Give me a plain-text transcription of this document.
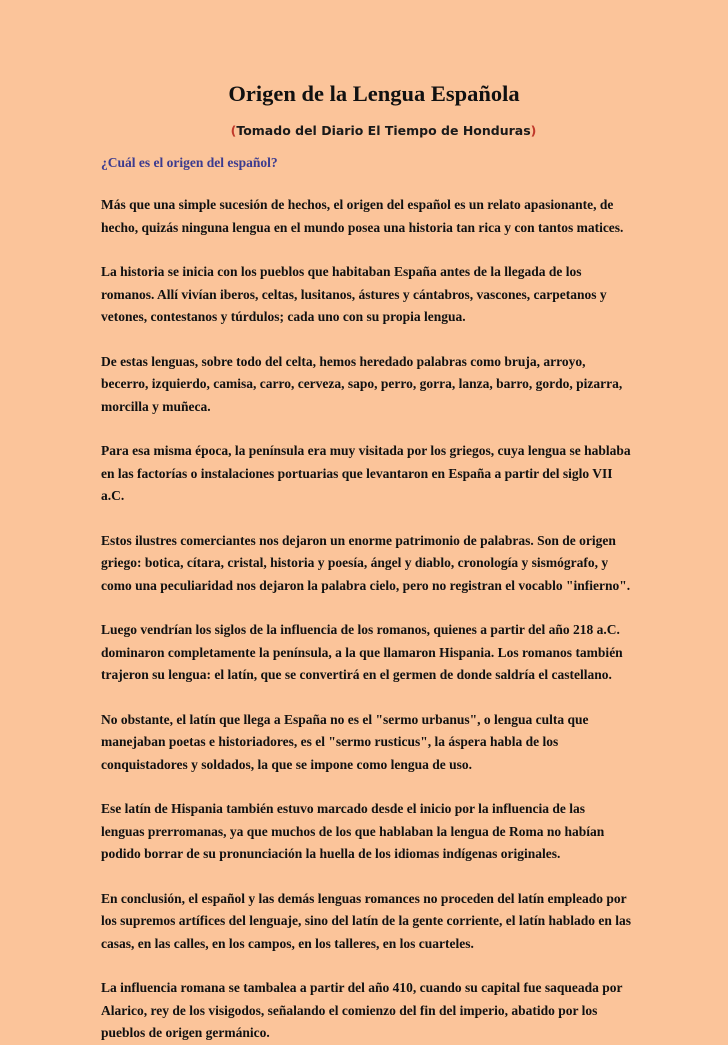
Origen de la Lengua Española

(Tomado del Diario El Tiempo de Honduras)

¿Cuál es el origen del español?

Más que una simple sucesión de hechos, el origen del español es un relato apasionante, de hecho, quizás ninguna lengua en el mundo posea una historia tan rica y con tantos matices.

La historia se inicia con los pueblos que habitaban España antes de la llegada de los romanos. Allí vivían iberos, celtas, lusitanos, ástures y cántabros, vascones, carpetanos y vetones, contestanos y túrdulos; cada uno con su propia lengua.

De estas lenguas, sobre todo del celta, hemos heredado palabras como bruja, arroyo, becerro, izquierdo, camisa, carro, cerveza, sapo, perro, gorra, lanza, barro, gordo, pizarra, morcilla y muñeca.

Para esa misma época, la península era muy visitada por los griegos, cuya lengua se hablaba en las factorías o instalaciones portuarias que levantaron en España a partir del siglo VII a.C.

Estos ilustres comerciantes nos dejaron un enorme patrimonio de palabras. Son de origen griego: botica, cítara, cristal, historia y poesía, ángel y diablo, cronología y sismógrafo, y como una peculiaridad nos dejaron la palabra cielo, pero no registran el vocablo "infierno".

Luego vendrían los siglos de la influencia de los romanos, quienes a partir del año 218 a.C. dominaron completamente la península, a la que llamaron Hispania. Los romanos también trajeron su lengua: el latín, que se convertirá en el germen de donde saldría el castellano.

No obstante, el latín que llega a España no es el "sermo urbanus", o lengua culta que manejaban poetas e historiadores, es el "sermo rusticus", la áspera habla de los conquistadores y soldados, la que se impone como lengua de uso.

Ese latín de Hispania también estuvo marcado desde el inicio por la influencia de las lenguas prerromanas, ya que muchos de los que hablaban la lengua de Roma no habían podido borrar de su pronunciación la huella de los idiomas indígenas originales.

En conclusión, el español y las demás lenguas romances no proceden del latín empleado por los supremos artífices del lenguaje, sino del latín de la gente corriente, el latín hablado en las casas, en las calles, en los campos, en los talleres, en los cuarteles.

La influencia romana se tambalea a partir del año 410, cuando su capital fue saqueada por Alarico, rey de los visigodos, señalando el comienzo del fin del imperio, abatido por los pueblos de origen germánico.
